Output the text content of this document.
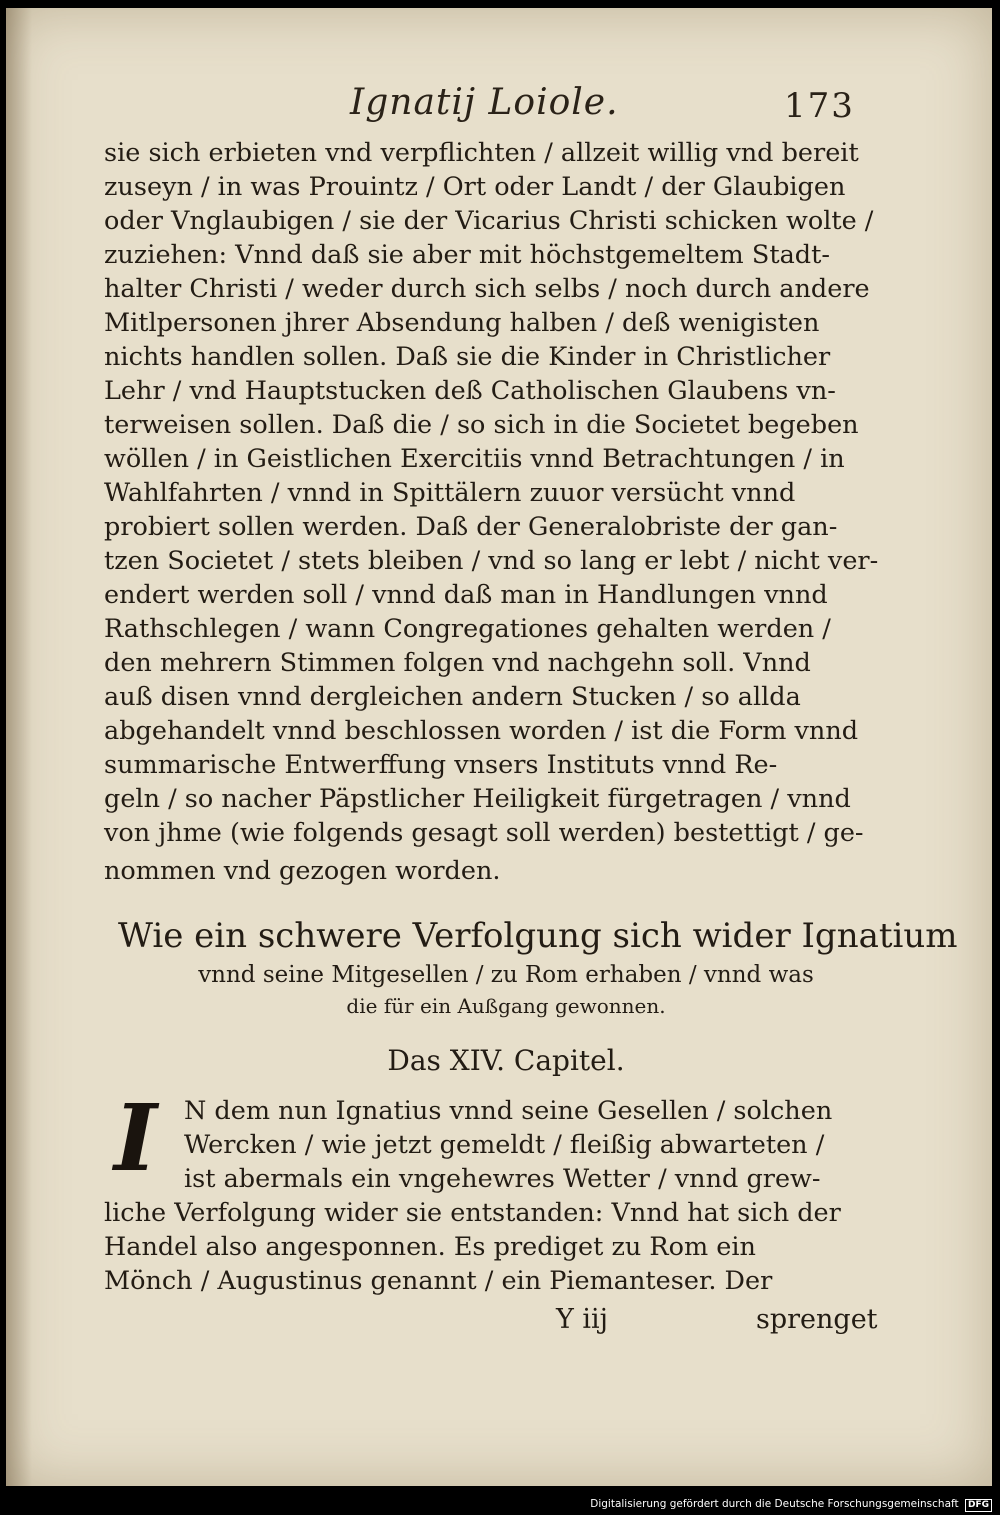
Ignatij Loiole.	173
sie sich erbieten vnd verpflichten / allzeit willig vnd bereit
zuseyn / in was Prouintz / Ort oder Landt / der Glaubigen
oder Vnglaubigen / sie der Vicarius Christi schicken wolte /
zuziehen: Vnnd daß sie aber mit höchstgemeltem Stadt-
halter Christi / weder durch sich selbs / noch durch andere
Mitlpersonen jhrer Absendung halben / deß wenigisten
nichts handlen sollen. Daß sie die Kinder in Christlicher
Lehr / vnd Hauptstucken deß Catholischen Glaubens vn-
terweisen sollen. Daß die / so sich in die Societet begeben
wöllen / in Geistlichen Exercitiis vnnd Betrachtungen / in
Wahlfahrten / vnnd in Spittälern zuuor versücht vnnd
probiert sollen werden. Daß der Generalobriste der gan-
tzen Societet / stets bleiben / vnd so lang er lebt / nicht ver-
endert werden soll / vnnd daß man in Handlungen vnnd
Rathschlegen / wann Congregationes gehalten werden /
den mehrern Stimmen folgen vnd nachgehn soll. Vnnd
auß disen vnnd dergleichen andern Stucken / so allda
abgehandelt vnnd beschlossen worden / ist die Form vnnd
summarische Entwerffung vnsers Instituts vnnd Re-
geln / so nacher Päpstlicher Heiligkeit fürgetragen / vnnd
von jhme (wie folgends gesagt soll werden) bestettigt / ge-
nommen vnd gezogen worden.
Wie ein schwere Verfolgung sich wider Ignatium
vnnd seine Mitgesellen / zu Rom erhaben / vnnd was
die für ein Außgang gewonnen.
Das XIV. Capitel.
I	N dem nun Ignatius vnnd seine Gesellen / solchen
Wercken / wie jetzt gemeldt / fleißig abwarteten /
ist abermals ein vngehewres Wetter / vnnd grew-
liche Verfolgung wider sie entstanden: Vnnd hat sich der
Handel also angesponnen. Es prediget zu Rom ein
Mönch / Augustinus genannt / ein Piemanteser. Der
Y iij	sprenget
Digitalisierung gefördert durch die Deutsche Forschungsgemeinschaft DFG
